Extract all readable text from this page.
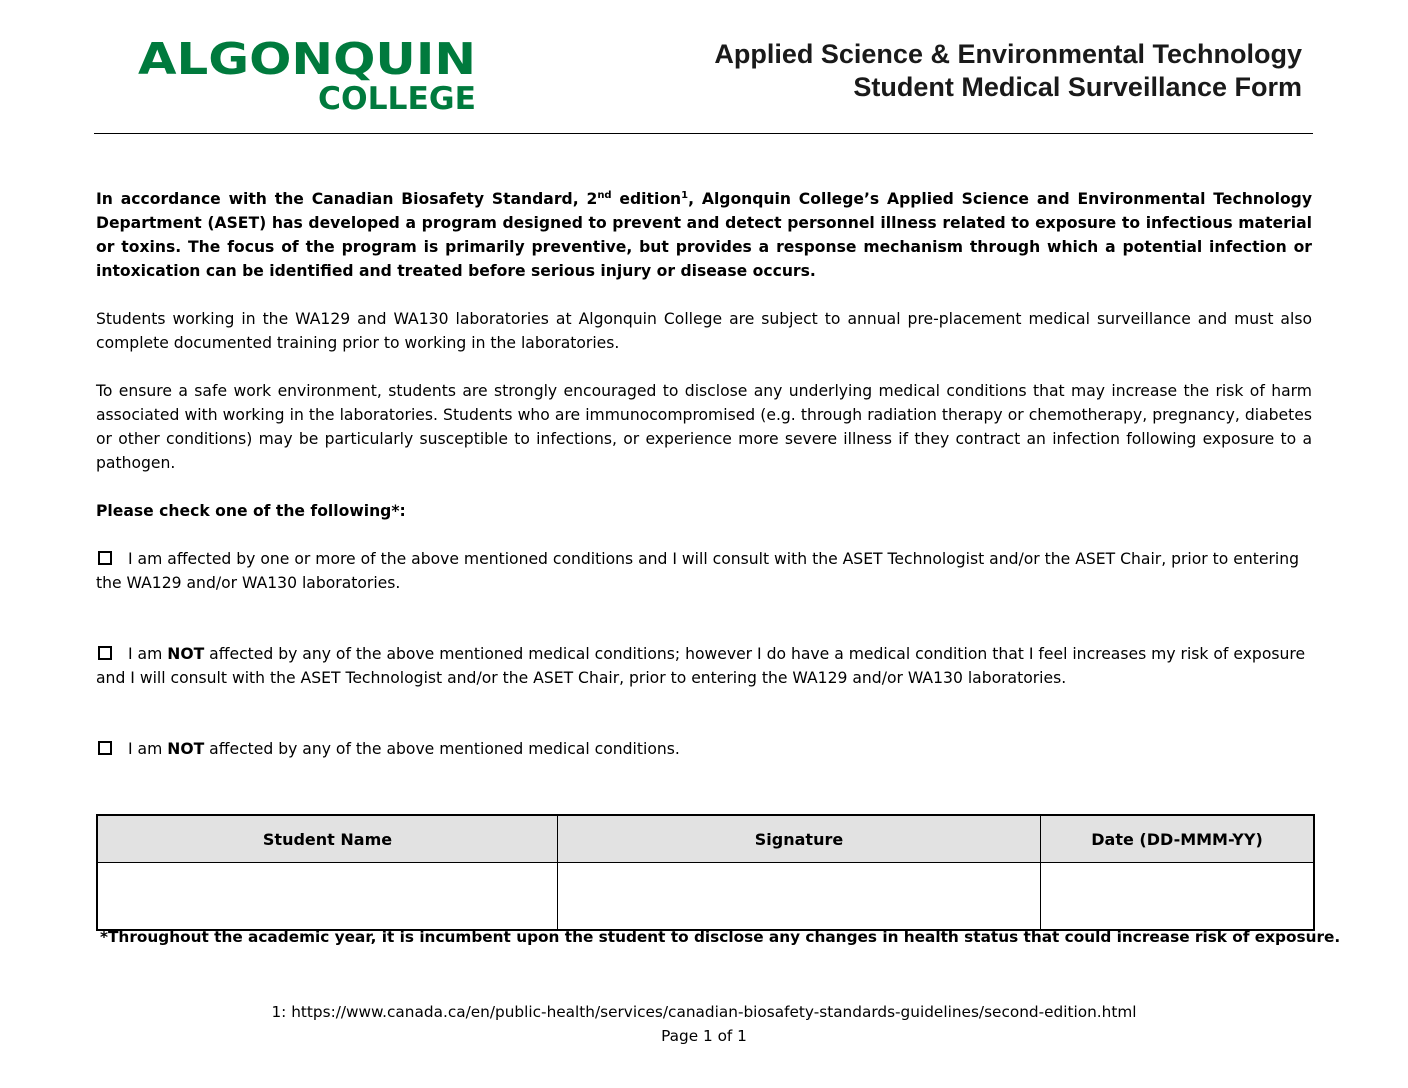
ALGONQUIN
COLLEGE
Applied Science & Environmental Technology
Student Medical Surveillance Form

In accordance with the Canadian Biosafety Standard, 2nd edition$^1$, Algonquin College’s Applied Science and Environmental Technology Department (ASET) has developed a program designed to prevent and detect personnel illness related to exposure to infectious material or toxins. The focus of the program is primarily preventive, but provides a response mechanism through which a potential infection or intoxication can be identified and treated before serious injury or disease occurs.

Students working in the WA129 and WA130 laboratories at Algonquin College are subject to annual pre-placement medical surveillance and must also complete documented training prior to working in the laboratories.

To ensure a safe work environment, students are strongly encouraged to disclose any underlying medical conditions that may increase the risk of harm associated with working in the laboratories. Students who are immunocompromised (e.g. through radiation therapy or chemotherapy, pregnancy, diabetes or other conditions) may be particularly susceptible to infections, or experience more severe illness if they contract an infection following exposure to a pathogen.

Please check one of the following*:

I am affected by one or more of the above mentioned conditions and I will consult with the ASET Technologist and/or the ASET Chair, prior to entering the WA129 and/or WA130 laboratories.
I am NOT affected by any of the above mentioned medical conditions; however I do have a medical condition that I feel increases my risk of exposure and I will consult with the ASET Technologist and/or the ASET Chair, prior to entering the WA129 and/or WA130 laboratories.
I am NOT affected by any of the above mentioned medical conditions.
Student Name	Signature	Date (DD-MMM-YY)

*Throughout the academic year, it is incumbent upon the student to disclose any changes in health status that could increase risk of exposure.
1: https://www.canada.ca/en/public-health/services/canadian-biosafety-standards-guidelines/second-edition.html
Page 1 of 1
